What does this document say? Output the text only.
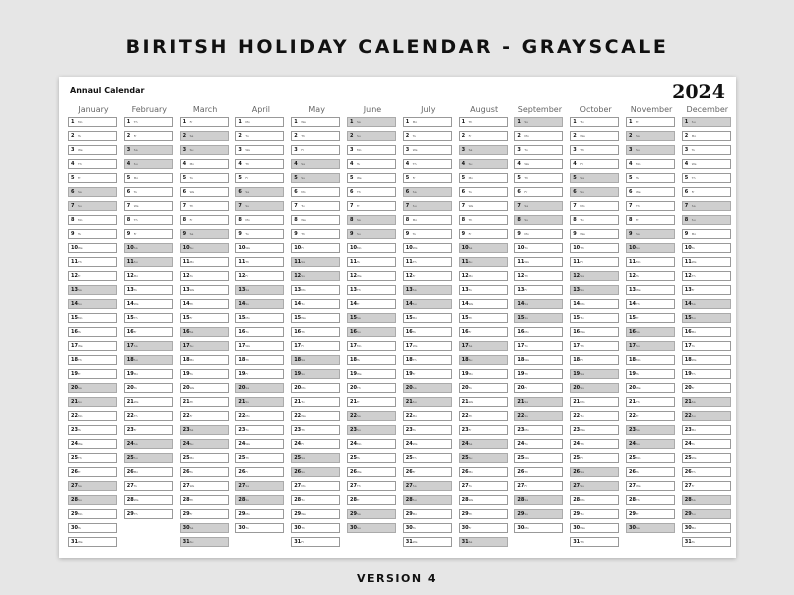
BIRITSH HOLIDAY CALENDAR - GRAYSCALE
Annaul Calendar	2024
January
1 Mo
2 Tu
3 We
4 Th
5 Fr
6 Sa
7 Su
8 Mo
9 Tu
10 We
11 Th
12 Fr
13 Sa
14 Su
15 Mo
16 Tu
17 We
18 Th
19 Fr
20 Sa
21 Su
22 Mo
23 Tu
24 We
25 Th
26 Fr
27 Sa
28 Su
29 Mo
30 Tu
31 We
February
1 Th
2 Fr
3 Sa
4 Su
5 Mo
6 Tu
7 We
8 Th
9 Fr
10 Sa
11 Su
12 Mo
13 Tu
14 We
15 Th
16 Fr
17 Sa
18 Su
19 Mo
20 Tu
21 We
22 Th
23 Fr
24 Sa
25 Su
26 Mo
27 Tu
28 We
29 Th
March
1 Fr
2 Sa
3 Su
4 Mo
5 Tu
6 We
7 Th
8 Fr
9 Sa
10 Su
11 Mo
12 Tu
13 We
14 Th
15 Fr
16 Sa
17 Su
18 Mo
19 Tu
20 We
21 Th
22 Fr
23 Sa
24 Su
25 Mo
26 Tu
27 We
28 Th
29 Fr
30 Sa
31 Su
April
1 Mo
2 Tu
3 We
4 Th
5 Fr
6 Sa
7 Su
8 Mo
9 Tu
10 We
11 Th
12 Fr
13 Sa
14 Su
15 Mo
16 Tu
17 We
18 Th
19 Fr
20 Sa
21 Su
22 Mo
23 Tu
24 We
25 Th
26 Fr
27 Sa
28 Su
29 Mo
30 Tu
May
1 We
2 Th
3 Fr
4 Sa
5 Su
6 Mo
7 Tu
8 We
9 Th
10 Fr
11 Sa
12 Su
13 Mo
14 Tu
15 We
16 Th
17 Fr
18 Sa
19 Su
20 Mo
21 Tu
22 We
23 Th
24 Fr
25 Sa
26 Su
27 Mo
28 Tu
29 We
30 Th
31 Fr
June
1 Sa
2 Su
3 Mo
4 Tu
5 We
6 Th
7 Fr
8 Sa
9 Su
10 Mo
11 Tu
12 We
13 Th
14 Fr
15 Sa
16 Su
17 Mo
18 Tu
19 We
20 Th
21 Fr
22 Sa
23 Su
24 Mo
25 Tu
26 We
27 Th
28 Fr
29 Sa
30 Su
July
1 Mo
2 Tu
3 We
4 Th
5 Fr
6 Sa
7 Su
8 Mo
9 Tu
10 We
11 Th
12 Fr
13 Sa
14 Su
15 Mo
16 Tu
17 We
18 Th
19 Fr
20 Sa
21 Su
22 Mo
23 Tu
24 We
25 Th
26 Fr
27 Sa
28 Su
29 Mo
30 Tu
31 We
August
1 Th
2 Fr
3 Sa
4 Su
5 Mo
6 Tu
7 We
8 Th
9 Fr
10 Sa
11 Su
12 Mo
13 Tu
14 We
15 Th
16 Fr
17 Sa
18 Su
19 Mo
20 Tu
21 We
22 Th
23 Fr
24 Sa
25 Su
26 Mo
27 Tu
28 We
29 Th
30 Fr
31 Sa
September
1 Su
2 Mo
3 Tu
4 We
5 Th
6 Fr
7 Sa
8 Su
9 Mo
10 Tu
11 We
12 Th
13 Fr
14 Sa
15 Su
16 Mo
17 Tu
18 We
19 Th
20 Fr
21 Sa
22 Su
23 Mo
24 Tu
25 We
26 Th
27 Fr
28 Sa
29 Su
30 Mo
October
1 Tu
2 We
3 Th
4 Fr
5 Sa
6 Su
7 Mo
8 Tu
9 We
10 Th
11 Fr
12 Sa
13 Su
14 Mo
15 Tu
16 We
17 Th
18 Fr
19 Sa
20 Su
21 Mo
22 Tu
23 We
24 Th
25 Fr
26 Sa
27 Su
28 Mo
29 Tu
30 We
31 Th
November
1 Fr
2 Sa
3 Su
4 Mo
5 Tu
6 We
7 Th
8 Fr
9 Sa
10 Su
11 Mo
12 Tu
13 We
14 Th
15 Fr
16 Sa
17 Su
18 Mo
19 Tu
20 We
21 Th
22 Fr
23 Sa
24 Su
25 Mo
26 Tu
27 We
28 Th
29 Fr
30 Sa
December
1 Su
2 Mo
3 Tu
4 We
5 Th
6 Fr
7 Sa
8 Su
9 Mo
10 Tu
11 We
12 Th
13 Fr
14 Sa
15 Su
16 Mo
17 Tu
18 We
19 Th
20 Fr
21 Sa
22 Su
23 Mo
24 Tu
25 We
26 Th
27 Fr
28 Sa
29 Su
30 Mo
31 Tu
VERSION 4
